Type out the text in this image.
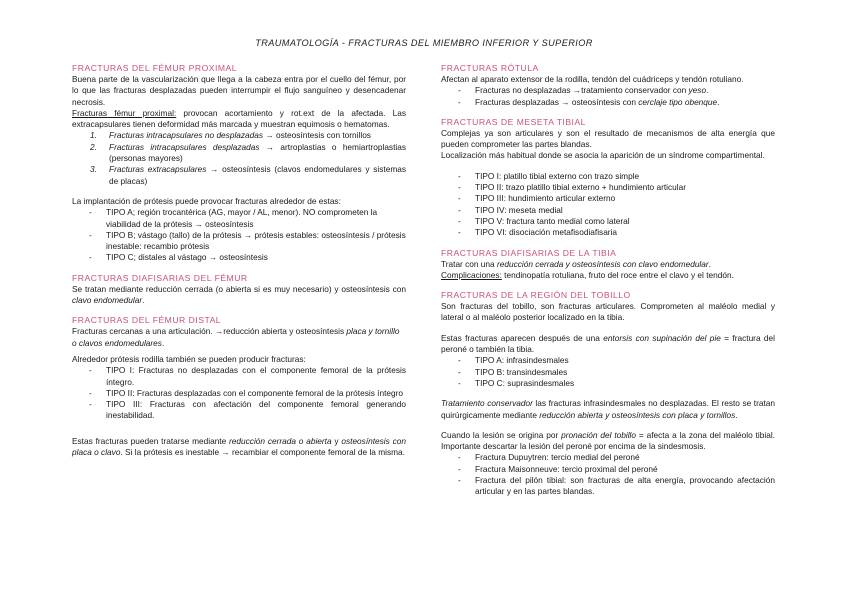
TRAUMATOLOGÍA - FRACTURAS DEL MIEMBRO INFERIOR Y SUPERIOR
FRACTURAS DEL FÉMUR PROXIMAL

Buena parte de la vascularización que llega a la cabeza entra por el cuello del fémur, por lo que las fracturas desplazadas pueden interrumpir el flujo sanguíneo y desencadenar necrosis.

Fracturas fémur proximal: provocan acortamiento y rot.ext de la afectada. Las extracapsulares tienen deformidad más marcada y muestran equimosis o hematomas.

1. Fracturas intracapsulares no desplazadas → osteosíntesis con tornillos
2. Fracturas intracapsulares desplazadas → artroplastias o hemiartroplastias (personas mayores)
3. Fracturas extracapsulares → osteosíntesis (clavos endomedulares y sistemas de placas)

La implantación de prótesis puede provocar fracturas alrededor de estas:

- TIPO A; región trocantérica (AG, mayor / AL, menor). NO comprometen la viabilidad de la prótesis → osteosíntesis
- TIPO B; vástago (tallo) de la prótesis → prótesis estables: osteosíntesis / prótesis inestable: recambio prótesis
- TIPO C; distales al vástago → osteosíntesis
FRACTURAS DIAFISARIAS DEL FÉMUR

Se tratan mediante reducción cerrada (o abierta si es muy necesario) y osteosíntesis con clavo endomedular.

FRACTURAS DEL FÉMUR DISTAL

Fracturas cercanas a una articulación. →reducción abierta y osteosíntesis placa y tornillo o clavos endomedulares.

Alrededor prótesis rodilla también se pueden producir fracturas:

- TIPO I: Fracturas no desplazadas con el componente femoral de la prótesis íntegro.
- TIPO II: Fracturas desplazadas con el componente femoral de la prótesis íntegro
- TIPO III: Fracturas con afectación del componente femoral generando inestabilidad.

Estas fracturas pueden tratarse mediante reducción cerrada o abierta y osteosíntesis con placa o clavo. Si la prótesis es inestable → recambiar el componente femoral de la misma.

FRACTURAS RÓTULA

Afectan al aparato extensor de la rodilla, tendón del cuádriceps y tendón rotuliano.

- Fracturas no desplazadas →tratamiento conservador con yeso.
- Fracturas desplazadas → osteosíntesis con cerclaje tipo obenque.
FRACTURAS DE MESETA TIBIAL

Complejas ya son articulares y son el resultado de mecanismos de alta energía que pueden comprometer las partes blandas.

Localización más habitual donde se asocia la aparición de un síndrome compartimental.

- TIPO I: platillo tibial externo con trazo simple
- TIPO II: trazo platillo tibial externo + hundimiento articular
- TIPO III: hundimiento articular externo
- TIPO IV: meseta medial
- TIPO V: fractura tanto medial como lateral
- TIPO VI: disociación metafisodiafisaria
FRACTURAS DIAFISARIAS DE LA TIBIA

Tratar con una reducción cerrada y osteosíntesis con clavo endomedular.

Complicaciones: tendinopatía rotuliana, fruto del roce entre el clavo y el tendón.

FRACTURAS DE LA REGIÓN DEL TOBILLO

Son fracturas del tobillo, son fracturas articulares. Comprometen al maléolo medial y lateral o al maléolo posterior localizado en la tibia.

Estas fracturas aparecen después de una entorsis con supinación del pie = fractura del peroné o también la tibia.

- TIPO A: infrasindesmales
- TIPO B: transindesmales
- TIPO C: suprasindesmales

Tratamiento conservador las fracturas infrasindesmales no desplazadas. El resto se tratan quirúrgicamente mediante reducción abierta y osteosíntesis con placa y tornillos.

Cuando la lesión se origina por pronación del tobillo = afecta a la zona del maléolo tibial. Importante descartar la lesión del peroné por encima de la sindesmosis.

- Fractura Dupuytren: tercio medial del peroné
- Fractura Maisonneuve: tercio proximal del peroné
- Fractura del pilón tibial: son fracturas de alta energía, provocando afectación articular y en las partes blandas.
